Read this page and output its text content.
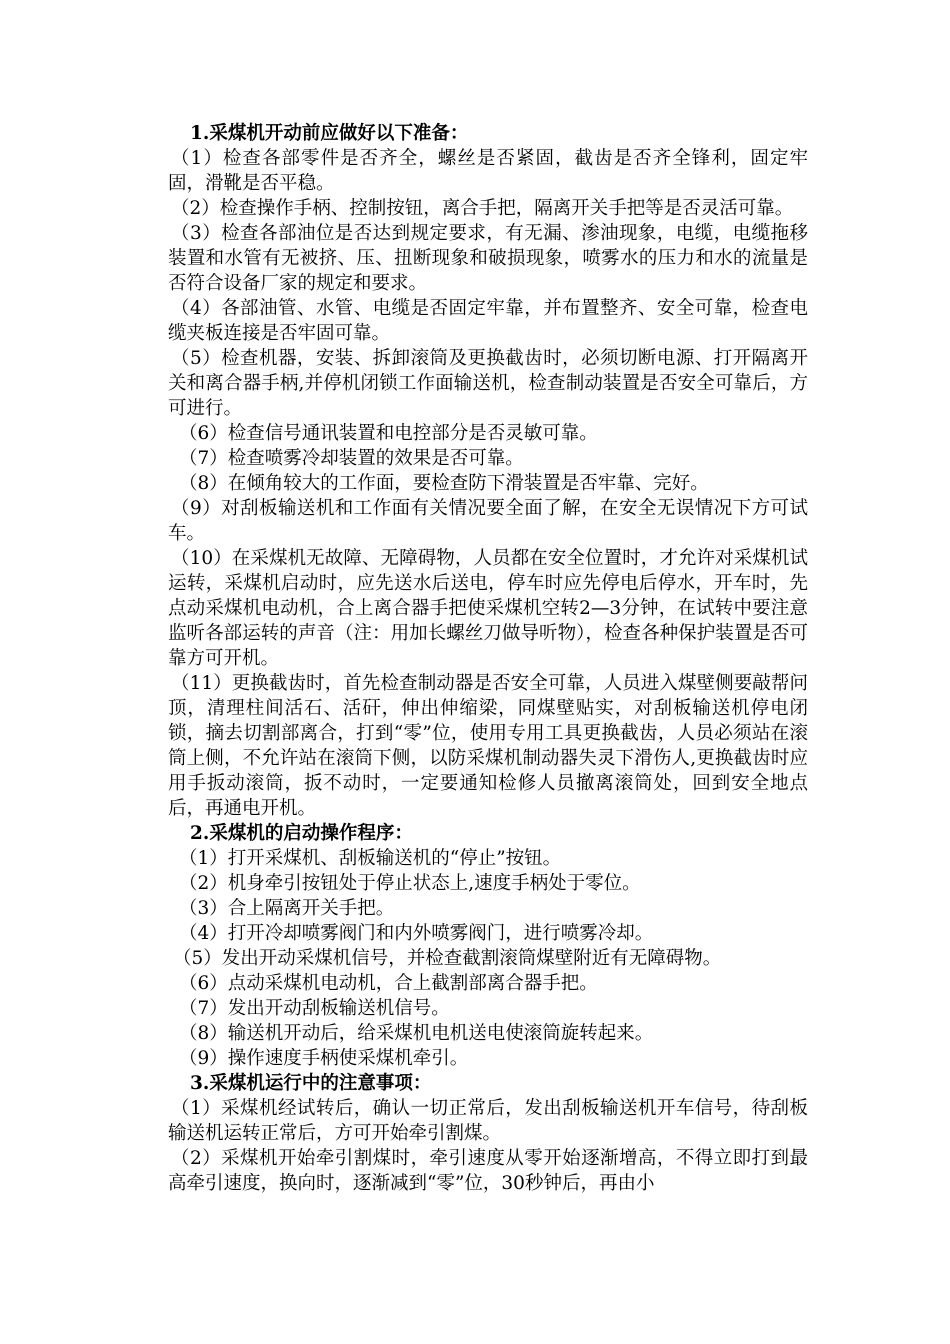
1.采煤机开动前应做好以下准备：

（1）检查各部零件是否齐全，螺丝是否紧固，截齿是否齐全锋利，固定牢固，滑靴是否平稳。

（2）检查操作手柄、控制按钮，离合手把，隔离开关手把等是否灵活可靠。

（3）检查各部油位是否达到规定要求，有无漏、渗油现象，电缆，电缆拖移装置和水管有无被挤、压、扭断现象和破损现象，喷雾水的压力和水的流量是否符合设备厂家的规定和要求。

（4）各部油管、水管、电缆是否固定牢靠，并布置整齐、安全可靠，检查电缆夹板连接是否牢固可靠。

（5）检查机器，安装、拆卸滚筒及更换截齿时，必须切断电源、打开隔离开关和离合器手柄,并停机闭锁工作面输送机，检查制动装置是否安全可靠后，方可进行。

（6）检查信号通讯装置和电控部分是否灵敏可靠。

（7）检查喷雾冷却装置的效果是否可靠。

（8）在倾角较大的工作面，要检查防下滑装置是否牢靠、完好。

（9）对刮板输送机和工作面有关情况要全面了解，在安全无误情况下方可试车。

（10）在采煤机无故障、无障碍物，人员都在安全位置时，才允许对采煤机试运转，采煤机启动时，应先送水后送电，停车时应先停电后停水，开车时，先点动采煤机电动机，合上离合器手把使采煤机空转2—3分钟，在试转中要注意监听各部运转的声音（注：用加长螺丝刀做导听物），检查各种保护装置是否可靠方可开机。

（11）更换截齿时，首先检查制动器是否安全可靠，人员进入煤壁侧要敲帮问顶，清理柱间活石、活矸，伸出伸缩梁，同煤壁贴实，对刮板输送机停电闭锁，摘去切割部离合，打到“零”位，使用专用工具更换截齿，人员必须站在滚筒上侧，不允许站在滚筒下侧，以防采煤机制动器失灵下滑伤人,更换截齿时应用手扳动滚筒，扳不动时，一定要通知检修人员撤离滚筒处，回到安全地点后，再通电开机。

2.采煤机的启动操作程序：

（1）打开采煤机、刮板输送机的“停止”按钮。

（2）机身牵引按钮处于停止状态上,速度手柄处于零位。

（3）合上隔离开关手把。

（4）打开冷却喷雾阀门和内外喷雾阀门，进行喷雾冷却。

（5）发出开动采煤机信号，并检查截割滚筒煤壁附近有无障碍物。

（6）点动采煤机电动机，合上截割部离合器手把。

（7）发出开动刮板输送机信号。

（8）输送机开动后，给采煤机电机送电使滚筒旋转起来。

（9）操作速度手柄使采煤机牵引。

3.采煤机运行中的注意事项：

（1）采煤机经试转后，确认一切正常后，发出刮板输送机开车信号，待刮板输送机运转正常后，方可开始牵引割煤。

（2）采煤机开始牵引割煤时，牵引速度从零开始逐渐增高，不得立即打到最高牵引速度，换向时，逐渐减到“零”位，30秒钟后，再由小
